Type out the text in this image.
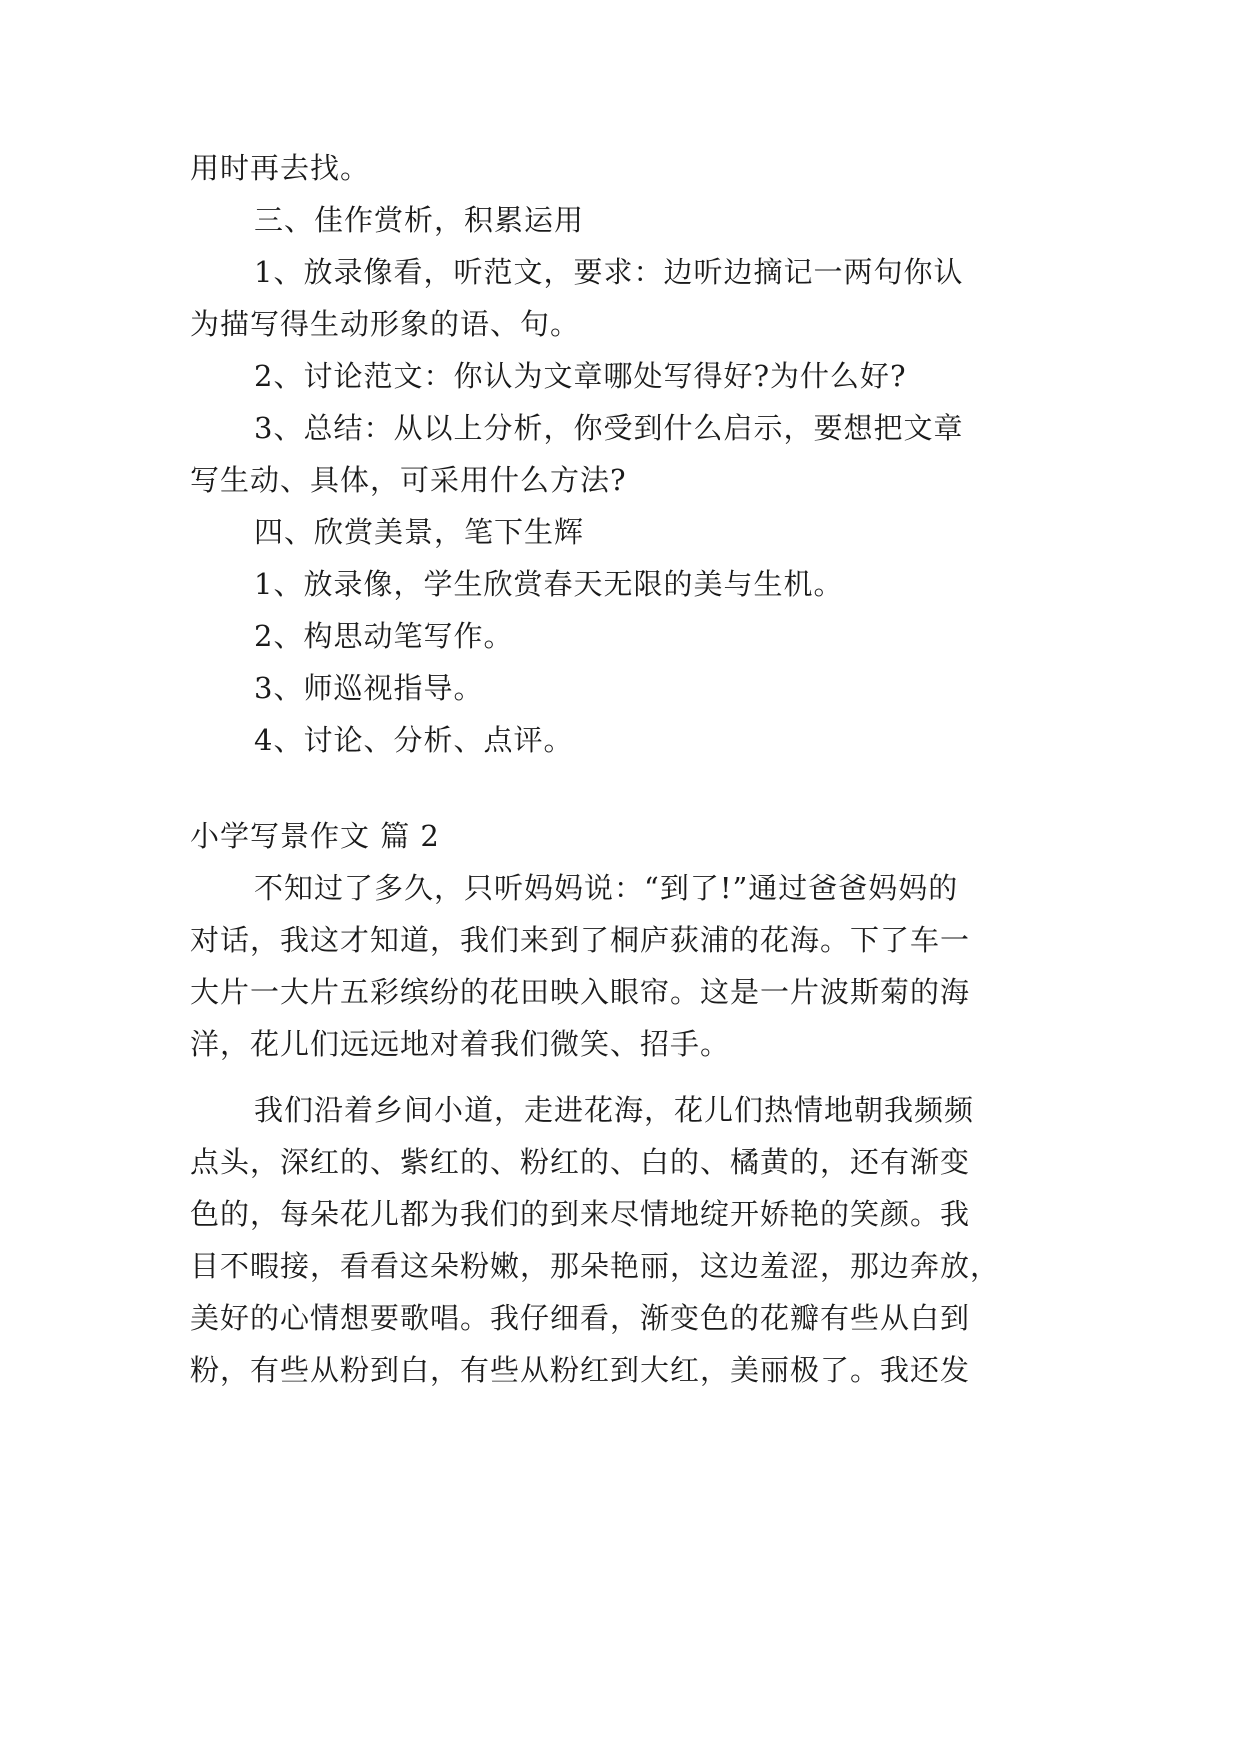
用时再去找。
三、佳作赏析，积累运用
1、放录像看，听范文，要求：边听边摘记一两句你认
为描写得生动形象的语、句。
2、讨论范文：你认为文章哪处写得好?为什么好?
3、总结：从以上分析，你受到什么启示，要想把文章
写生动、具体，可采用什么方法?
四、欣赏美景，笔下生辉
1、放录像，学生欣赏春天无限的美与生机。
2、构思动笔写作。
3、师巡视指导。
4、讨论、分析、点评。
小学写景作文 篇 2
不知过了多久，只听妈妈说：“到了!”通过爸爸妈妈的
对话，我这才知道，我们来到了桐庐荻浦的花海。下了车一
大片一大片五彩缤纷的花田映入眼帘。这是一片波斯菊的海
洋，花儿们远远地对着我们微笑、招手。
我们沿着乡间小道，走进花海，花儿们热情地朝我频频
点头，深红的、紫红的、粉红的、白的、橘黄的，还有渐变
色的，每朵花儿都为我们的到来尽情地绽开娇艳的笑颜。我
目不暇接，看看这朵粉嫩，那朵艳丽，这边羞涩，那边奔放，
美好的心情想要歌唱。我仔细看，渐变色的花瓣有些从白到
粉，有些从粉到白，有些从粉红到大红，美丽极了。我还发
